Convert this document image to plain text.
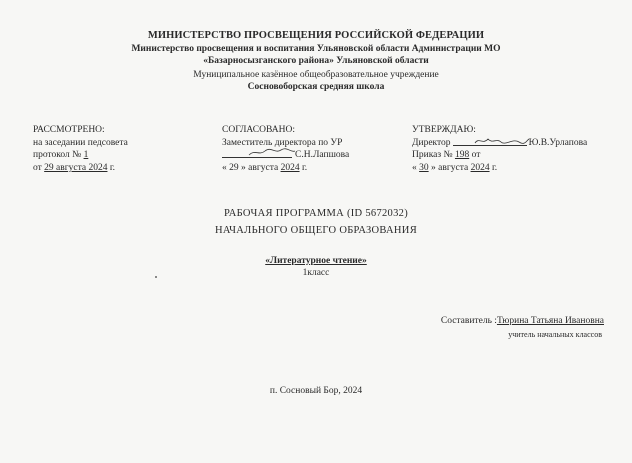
МИНИСТЕРСТВО ПРОСВЕЩЕНИЯ РОССИЙСКОЙ ФЕДЕРАЦИИ
Министерство просвещения и воспитания Ульяновской области Администрации МО
«Базарносызганского района» Ульяновской области
Муниципальное казённое общеобразовательное учреждение
Сосновоборская средняя школа
РАССМОТРЕНО:
на заседании педсовета
протокол № 1
от 29 августа 2024 г.
СОГЛАСОВАНО:
Заместитель директора по УР
С.Н.Лапшова
« 29 » августа 2024 г.
УТВЕРЖДАЮ:
Директор	Ю.В.Урлапова
Приказ № 198 от
« 30 » августа 2024 г.
РАБОЧАЯ ПРОГРАММА (ID 5672032)
НАЧАЛЬНОГО ОБЩЕГО ОБРАЗОВАНИЯ
«Литературное чтение»
1класс
Составитель :Тюрина Татьяна Ивановна
учитель начальных классов
п. Сосновый Бор, 2024
